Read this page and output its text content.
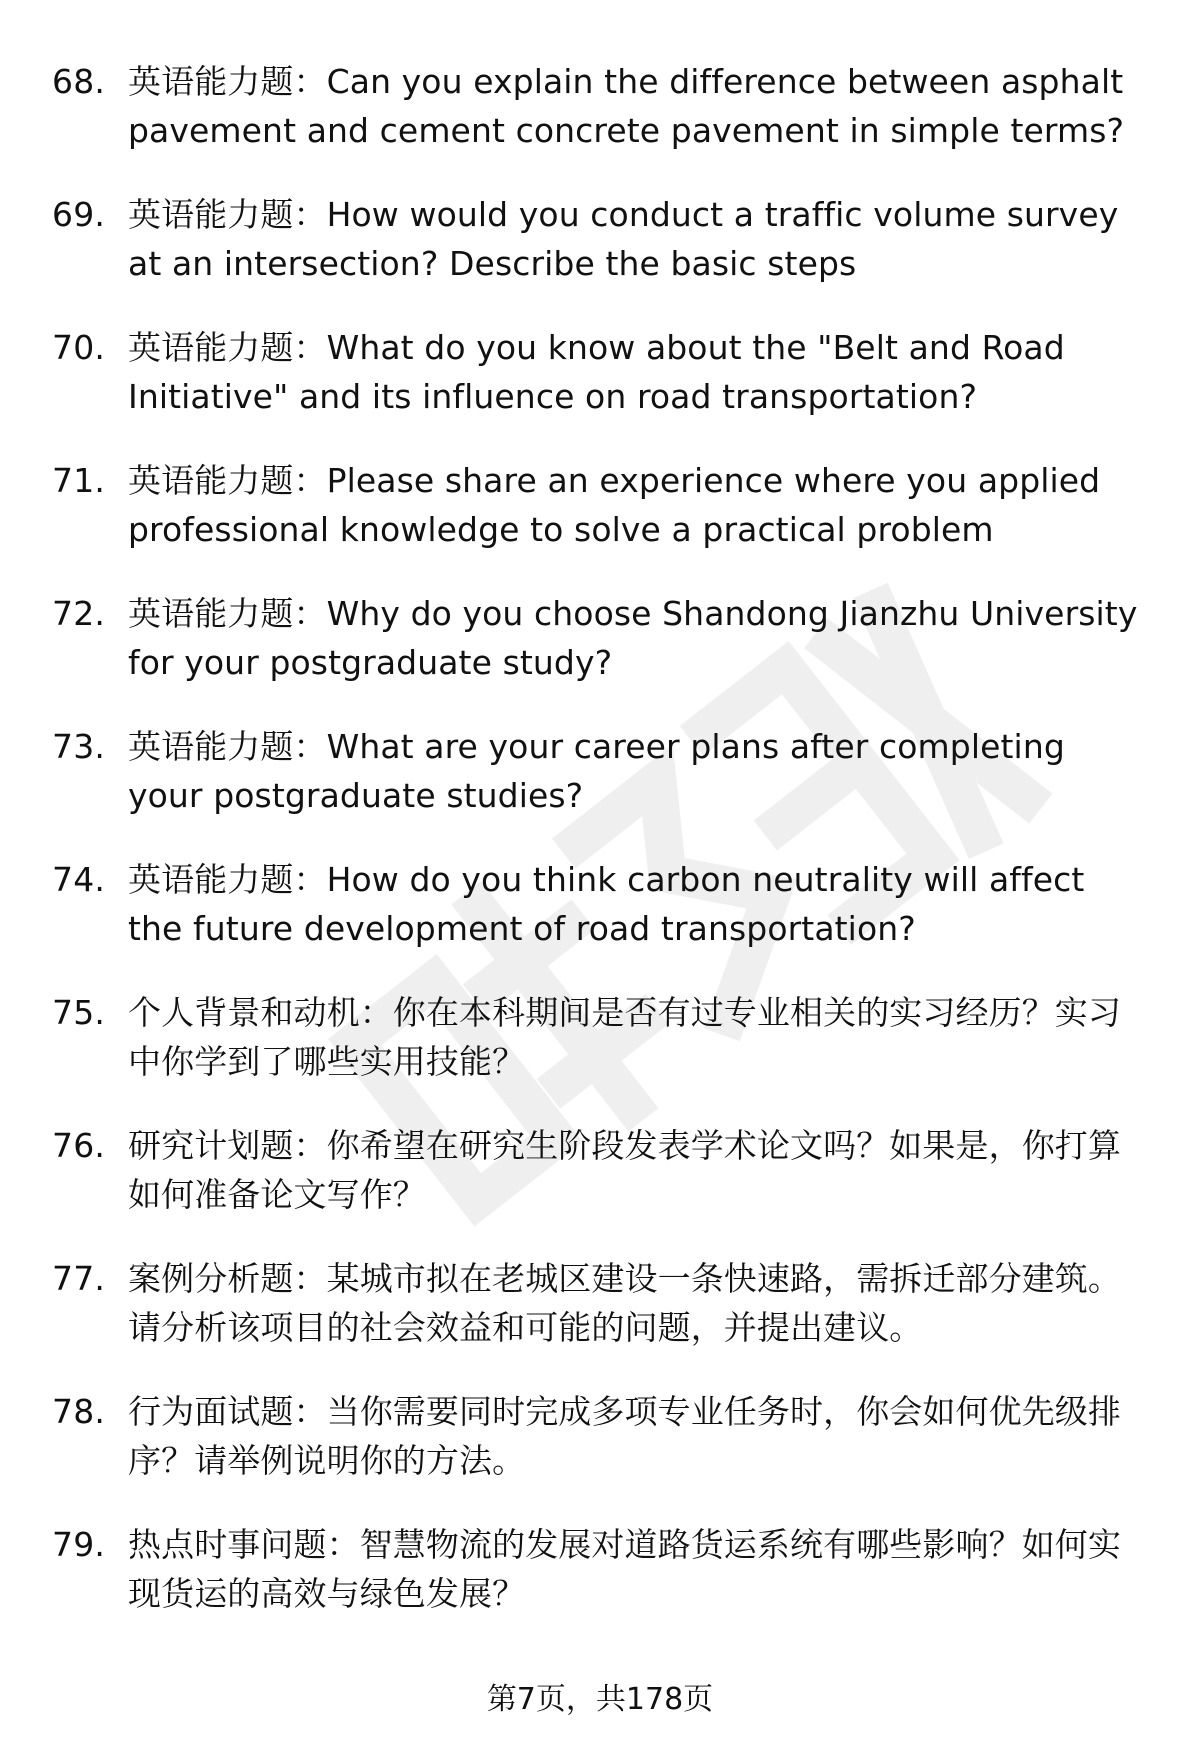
68. 英语能力题：Can you explain the difference between asphalt pavement and cement concrete pavement in simple terms?
69. 英语能力题：How would you conduct a traffic volume survey at an intersection? Describe the basic steps
70. 英语能力题：What do you know about the "Belt and Road Initiative" and its influence on road transportation?
71. 英语能力题：Please share an experience where you applied professional knowledge to solve a practical problem
72. 英语能力题：Why do you choose Shandong Jianzhu University for your postgraduate study?
73. 英语能力题：What are your career plans after completing your postgraduate studies?
74. 英语能力题：How do you think carbon neutrality will affect the future development of road transportation?
75. 个人背景和动机：你在本科期间是否有过专业相关的实习经历？实习中你学到了哪些实用技能？
76. 研究计划题：你希望在研究生阶段发表学术论文吗？如果是，你打算如何准备论文写作？
77. 案例分析题：某城市拟在老城区建设一条快速路，需拆迁部分建筑。请分析该项目的社会效益和可能的问题，并提出建议。
78. 行为面试题：当你需要同时完成多项专业任务时，你会如何优先级排序？请举例说明你的方法。
79. 热点时事问题：智慧物流的发展对道路货运系统有哪些影响？如何实现货运的高效与绿色发展？
第7页，共178页
